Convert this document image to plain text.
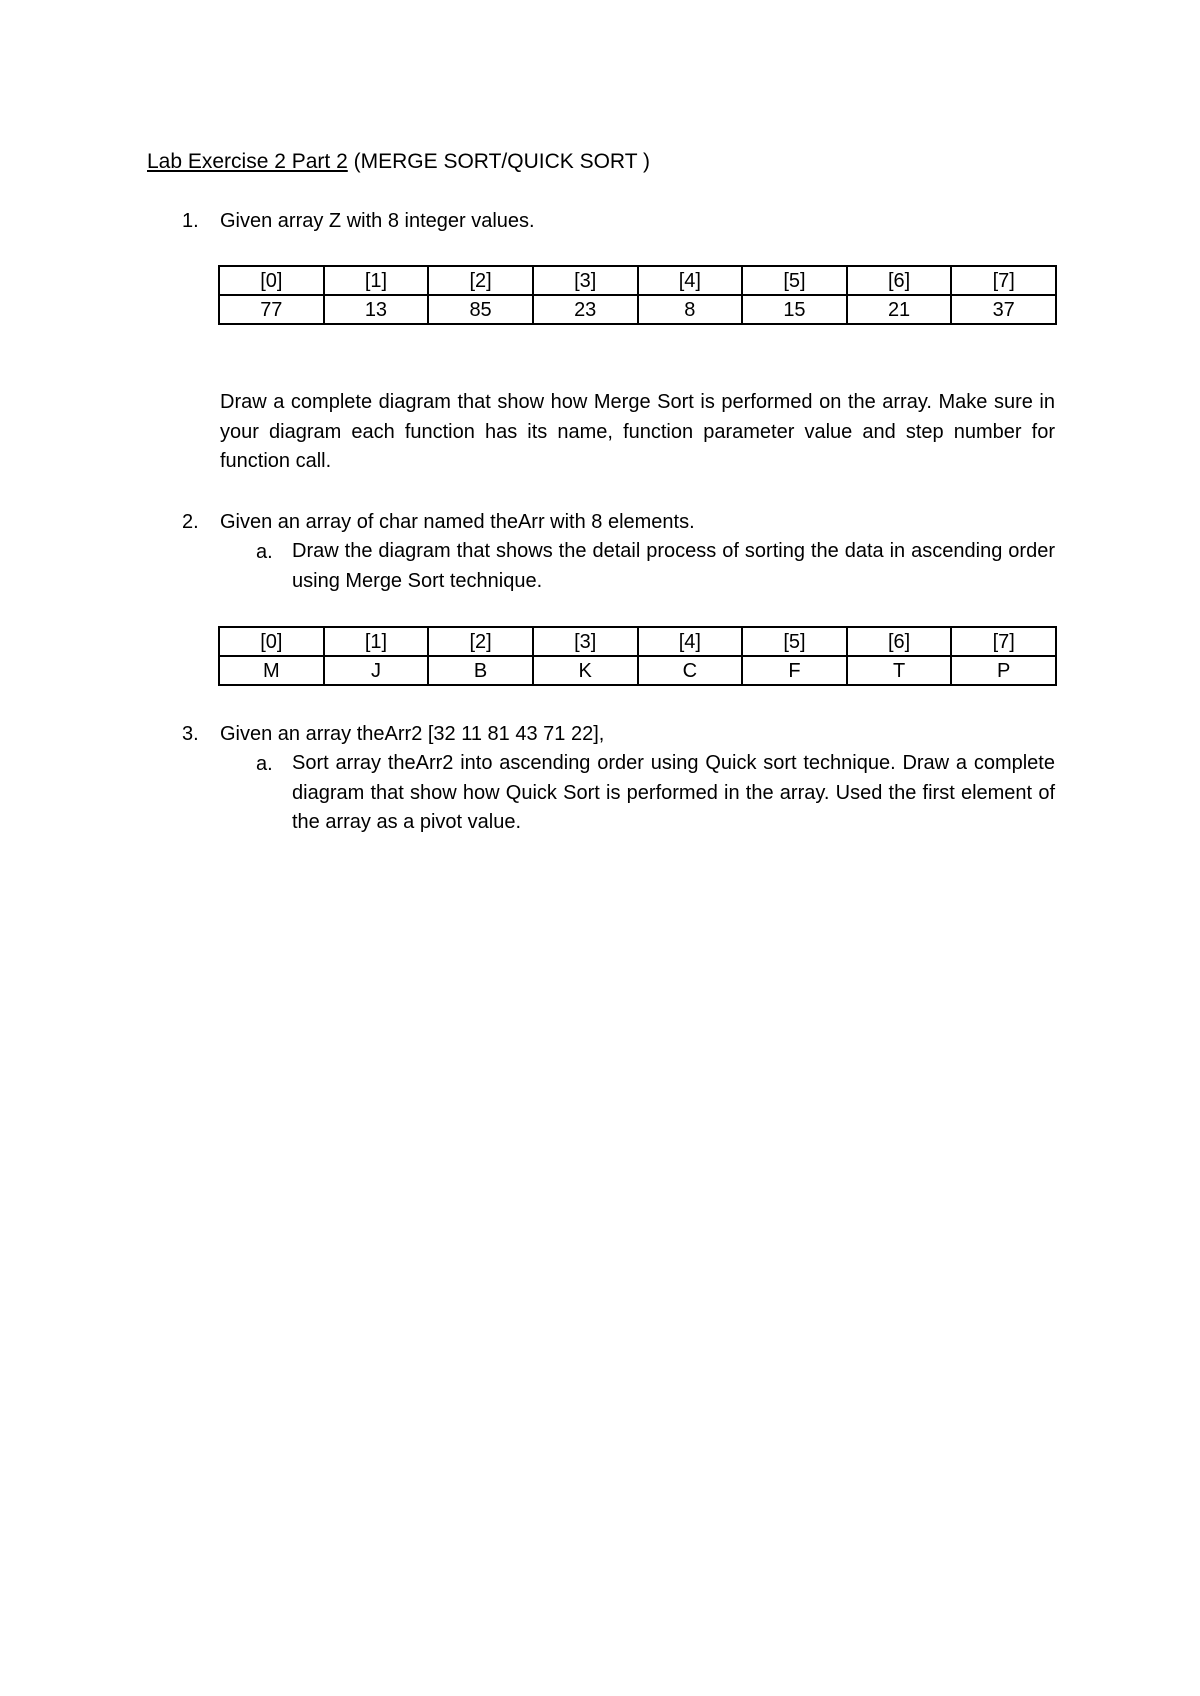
Lab Exercise 2 Part 2 (MERGE SORT/QUICK SORT )
1. Given array Z with 8 integer values.
[0]	[1]	[2]	[3]	[4]	[5]	[6]	[7]
77	13	85	23	8	15	21	37
Draw a complete diagram that show how Merge Sort is performed on the array. Make sure in your diagram each function has its name, function parameter value and step number for function call.
2. Given an array of char named theArr with 8 elements.
a. Draw the diagram that shows the detail process of sorting the data in ascending order using Merge Sort technique.
[0]	[1]	[2]	[3]	[4]	[5]	[6]	[7]
M	J	B	K	C	F	T	P
3. Given an array theArr2 [32 11 81 43 71 22],
a. Sort array theArr2 into ascending order using Quick sort technique. Draw a complete diagram that show how Quick Sort is performed in the array. Used the first element of the array as a pivot value.
